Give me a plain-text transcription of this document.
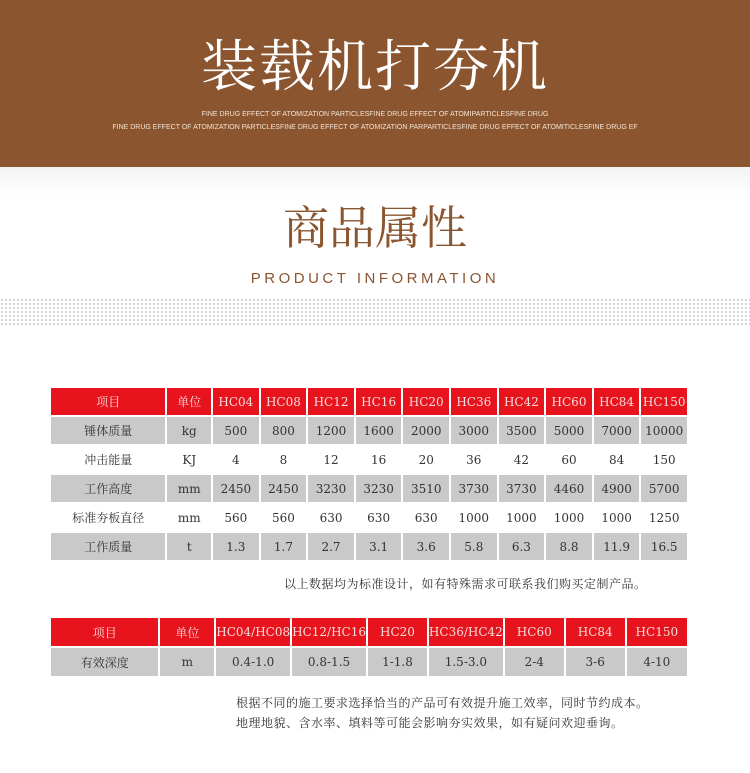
装载机打夯机
FINE DRUG EFFECT OF ATOMIZATION PARTICLESFINE DRUG EFFECT OF ATOMIPARTICLESFINE DRUG
FINE DRUG EFFECT OF ATOMIZATION PARTICLESFINE DRUG EFFECT OF ATOMIZATION PARPARTICLESFINE DRUG EFFECT OF ATOMITICLESFINE DRUG EF
商品属性
PRODUCT INFORMATION
项目	单位	HC04	HC08	HC12	HC16	HC20	HC36	HC42	HC60	HC84	HC150
锤体质量	kg	500	800	1200	1600	2000	3000	3500	5000	7000	10000
冲击能量	KJ	4	8	12	16	20	36	42	60	84	150
工作高度	mm	2450	2450	3230	3230	3510	3730	3730	4460	4900	5700
标准夯板直径	mm	560	560	630	630	630	1000	1000	1000	1000	1250
工作质量	t	1.3	1.7	2.7	3.1	3.6	5.8	6.3	8.8	11.9	16.5
以上数据均为标准设计，如有特殊需求可联系我们购买定制产品。
项目	单位	HC04/HC08	HC12/HC16	HC20	HC36/HC42	HC60	HC84	HC150
有效深度	m	0.4-1.0	0.8-1.5	1-1.8	1.5-3.0	2-4	3-6	4-10
根据不同的施工要求选择恰当的产品可有效提升施工效率，同时节约成本。
地理地貌、含水率、填料等可能会影响夯实效果，如有疑问欢迎垂询。
